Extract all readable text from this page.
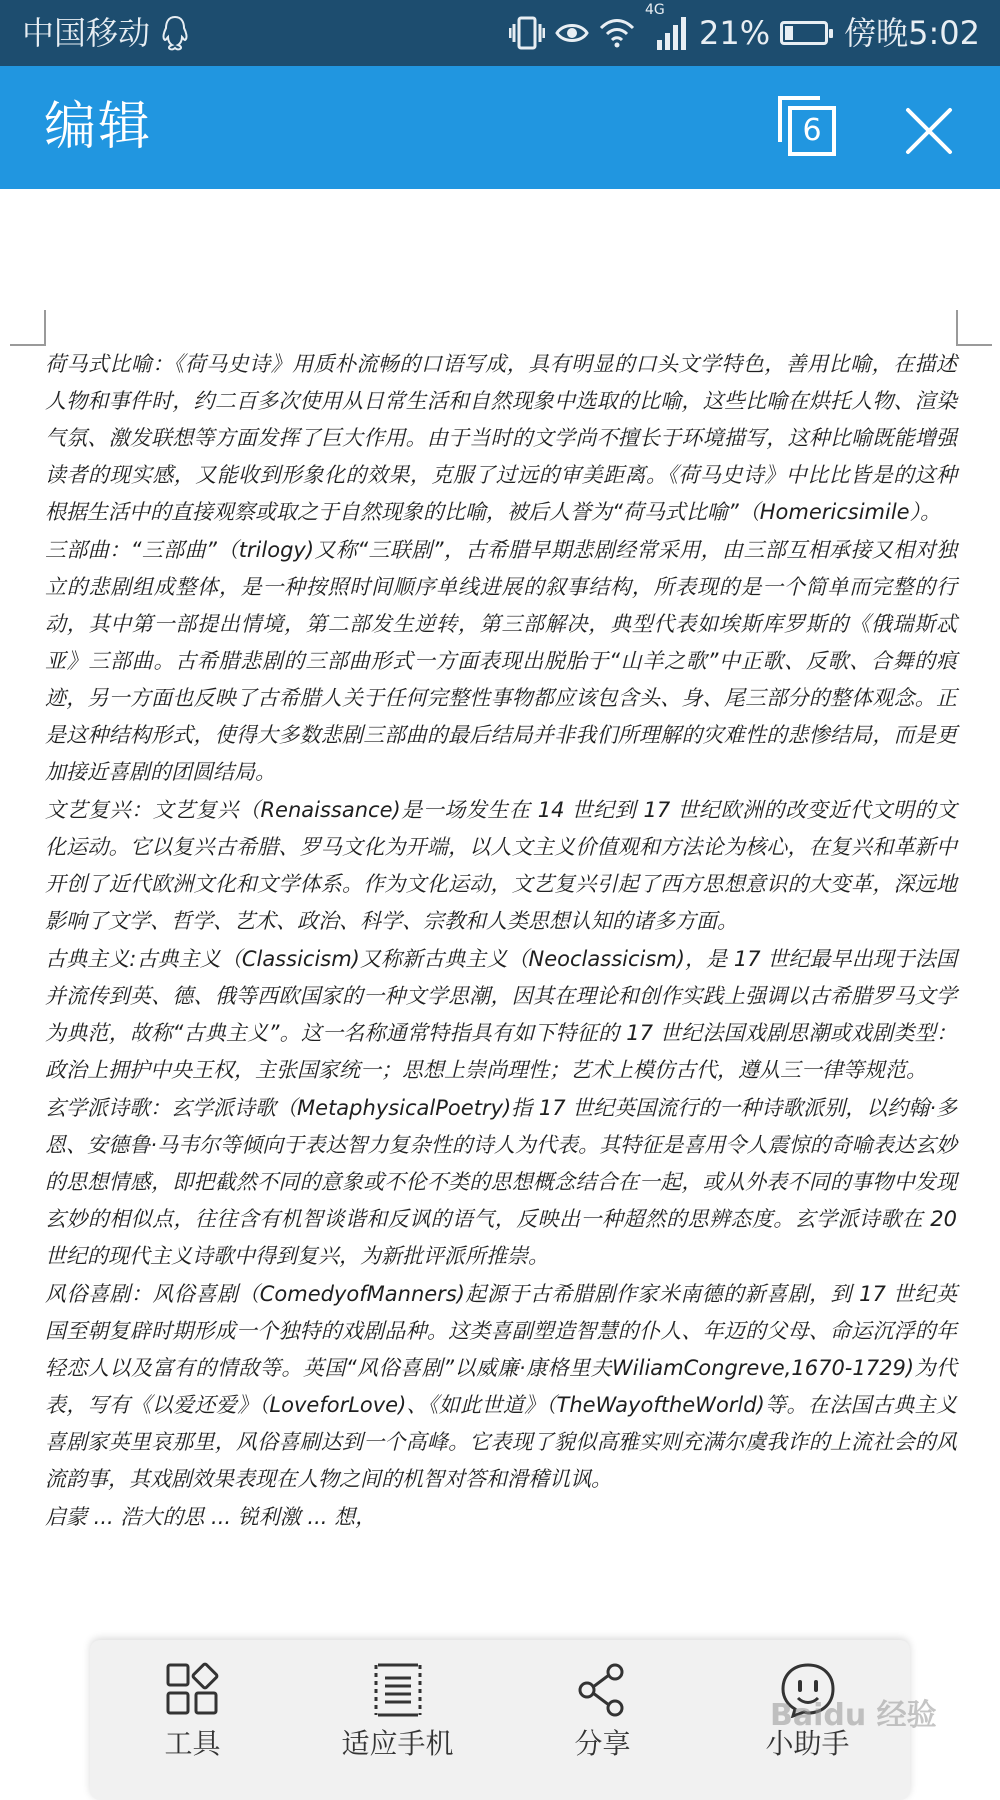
中国移动
4G
21% 傍晚5:02
编辑	6

荷马式比喻：《荷马史诗》用质朴流畅的口语写成，具有明显的口头文学特色，善用比喻，在描述人物和事件时，约二百多次使用从日常生活和自然现象中选取的比喻，这些比喻在烘托人物、渲染气氛、激发联想等方面发挥了巨大作用。由于当时的文学尚不擅长于环境描写，这种比喻既能增强读者的现实感，又能收到形象化的效果，克服了过远的审美距离。《荷马史诗》中比比皆是的这种根据生活中的直接观察或取之于自然现象的比喻，被后人誉为“荷马式比喻”（Homericsimile）。

三部曲：“三部曲”（trilogy)又称“三联剧”，古希腊早期悲剧经常采用，由三部互相承接又相对独立的悲剧组成整体，是一种按照时间顺序单线进展的叙事结构，所表现的是一个简单而完整的行动，其中第一部提出情境，第二部发生逆转，第三部解决，典型代表如埃斯库罗斯的《俄瑞斯忒亚》三部曲。古希腊悲剧的三部曲形式一方面表现出脱胎于“山羊之歌”中正歌、反歌、合舞的痕迹，另一方面也反映了古希腊人关于任何完整性事物都应该包含头、身、尾三部分的整体观念。正是这种结构形式，使得大多数悲剧三部曲的最后结局并非我们所理解的灾难性的悲惨结局，而是更加接近喜剧的团圆结局。

文艺复兴：文艺复兴（Renaissance)是一场发生在 14 世纪到 17 世纪欧洲的改变近代文明的文化运动。它以复兴古希腊、罗马文化为开端，以人文主义价值观和方法论为核心，在复兴和革新中开创了近代欧洲文化和文学体系。作为文化运动，文艺复兴引起了西方思想意识的大变革，深远地影响了文学、哲学、艺术、政治、科学、宗教和人类思想认知的诸多方面。

古典主义:古典主义（Classicism)又称新古典主义（Neoclassicism)，是 17 世纪最早出现于法国并流传到英、德、俄等西欧国家的一种文学思潮，因其在理论和创作实践上强调以古希腊罗马文学为典范，故称“古典主义”。这一名称通常特指具有如下特征的 17 世纪法国戏剧思潮或戏剧类型：政治上拥护中央王权，主张国家统一；思想上崇尚理性；艺术上模仿古代，遵从三一律等规范。

玄学派诗歌：玄学派诗歌（MetaphysicalPoetry)指 17 世纪英国流行的一种诗歌派别，以约翰·多恩、安德鲁·马韦尔等倾向于表达智力复杂性的诗人为代表。其特征是喜用令人震惊的奇喻表达玄妙的思想情感，即把截然不同的意象或不伦不类的思想概念结合在一起，或从外表不同的事物中发现玄妙的相似点，往往含有机智谈谐和反讽的语气，反映出一种超然的思辨态度。玄学派诗歌在 20 世纪的现代主义诗歌中得到复兴，为新批评派所推崇。

风俗喜剧：风俗喜剧（ComedyofManners)起源于古希腊剧作家米南德的新喜剧，到 17 世纪英国至朝复辟时期形成一个独特的戏剧品种。这类喜副塑造智慧的仆人、年迈的父母、命运沉浮的年轻恋人以及富有的情敌等。英国“风俗喜剧”以威廉·康格里夫WiliamCongreve,1670-1729)为代表，写有《以爱还爱》（LoveforLove)、《如此世道》（TheWayoftheWorld)等。在法国古典主义喜剧家英里哀那里，风俗喜刷达到一个高峰。它表现了貌似高雅实则充满尔虞我诈的上流社会的风流韵事，其戏剧效果表现在人物之间的机智对答和滑稽讥讽。

启蒙 ... 浩大的思 ... 锐利激 ... 想，

工具	适应手机	分享	小助手
Baidu 经验
